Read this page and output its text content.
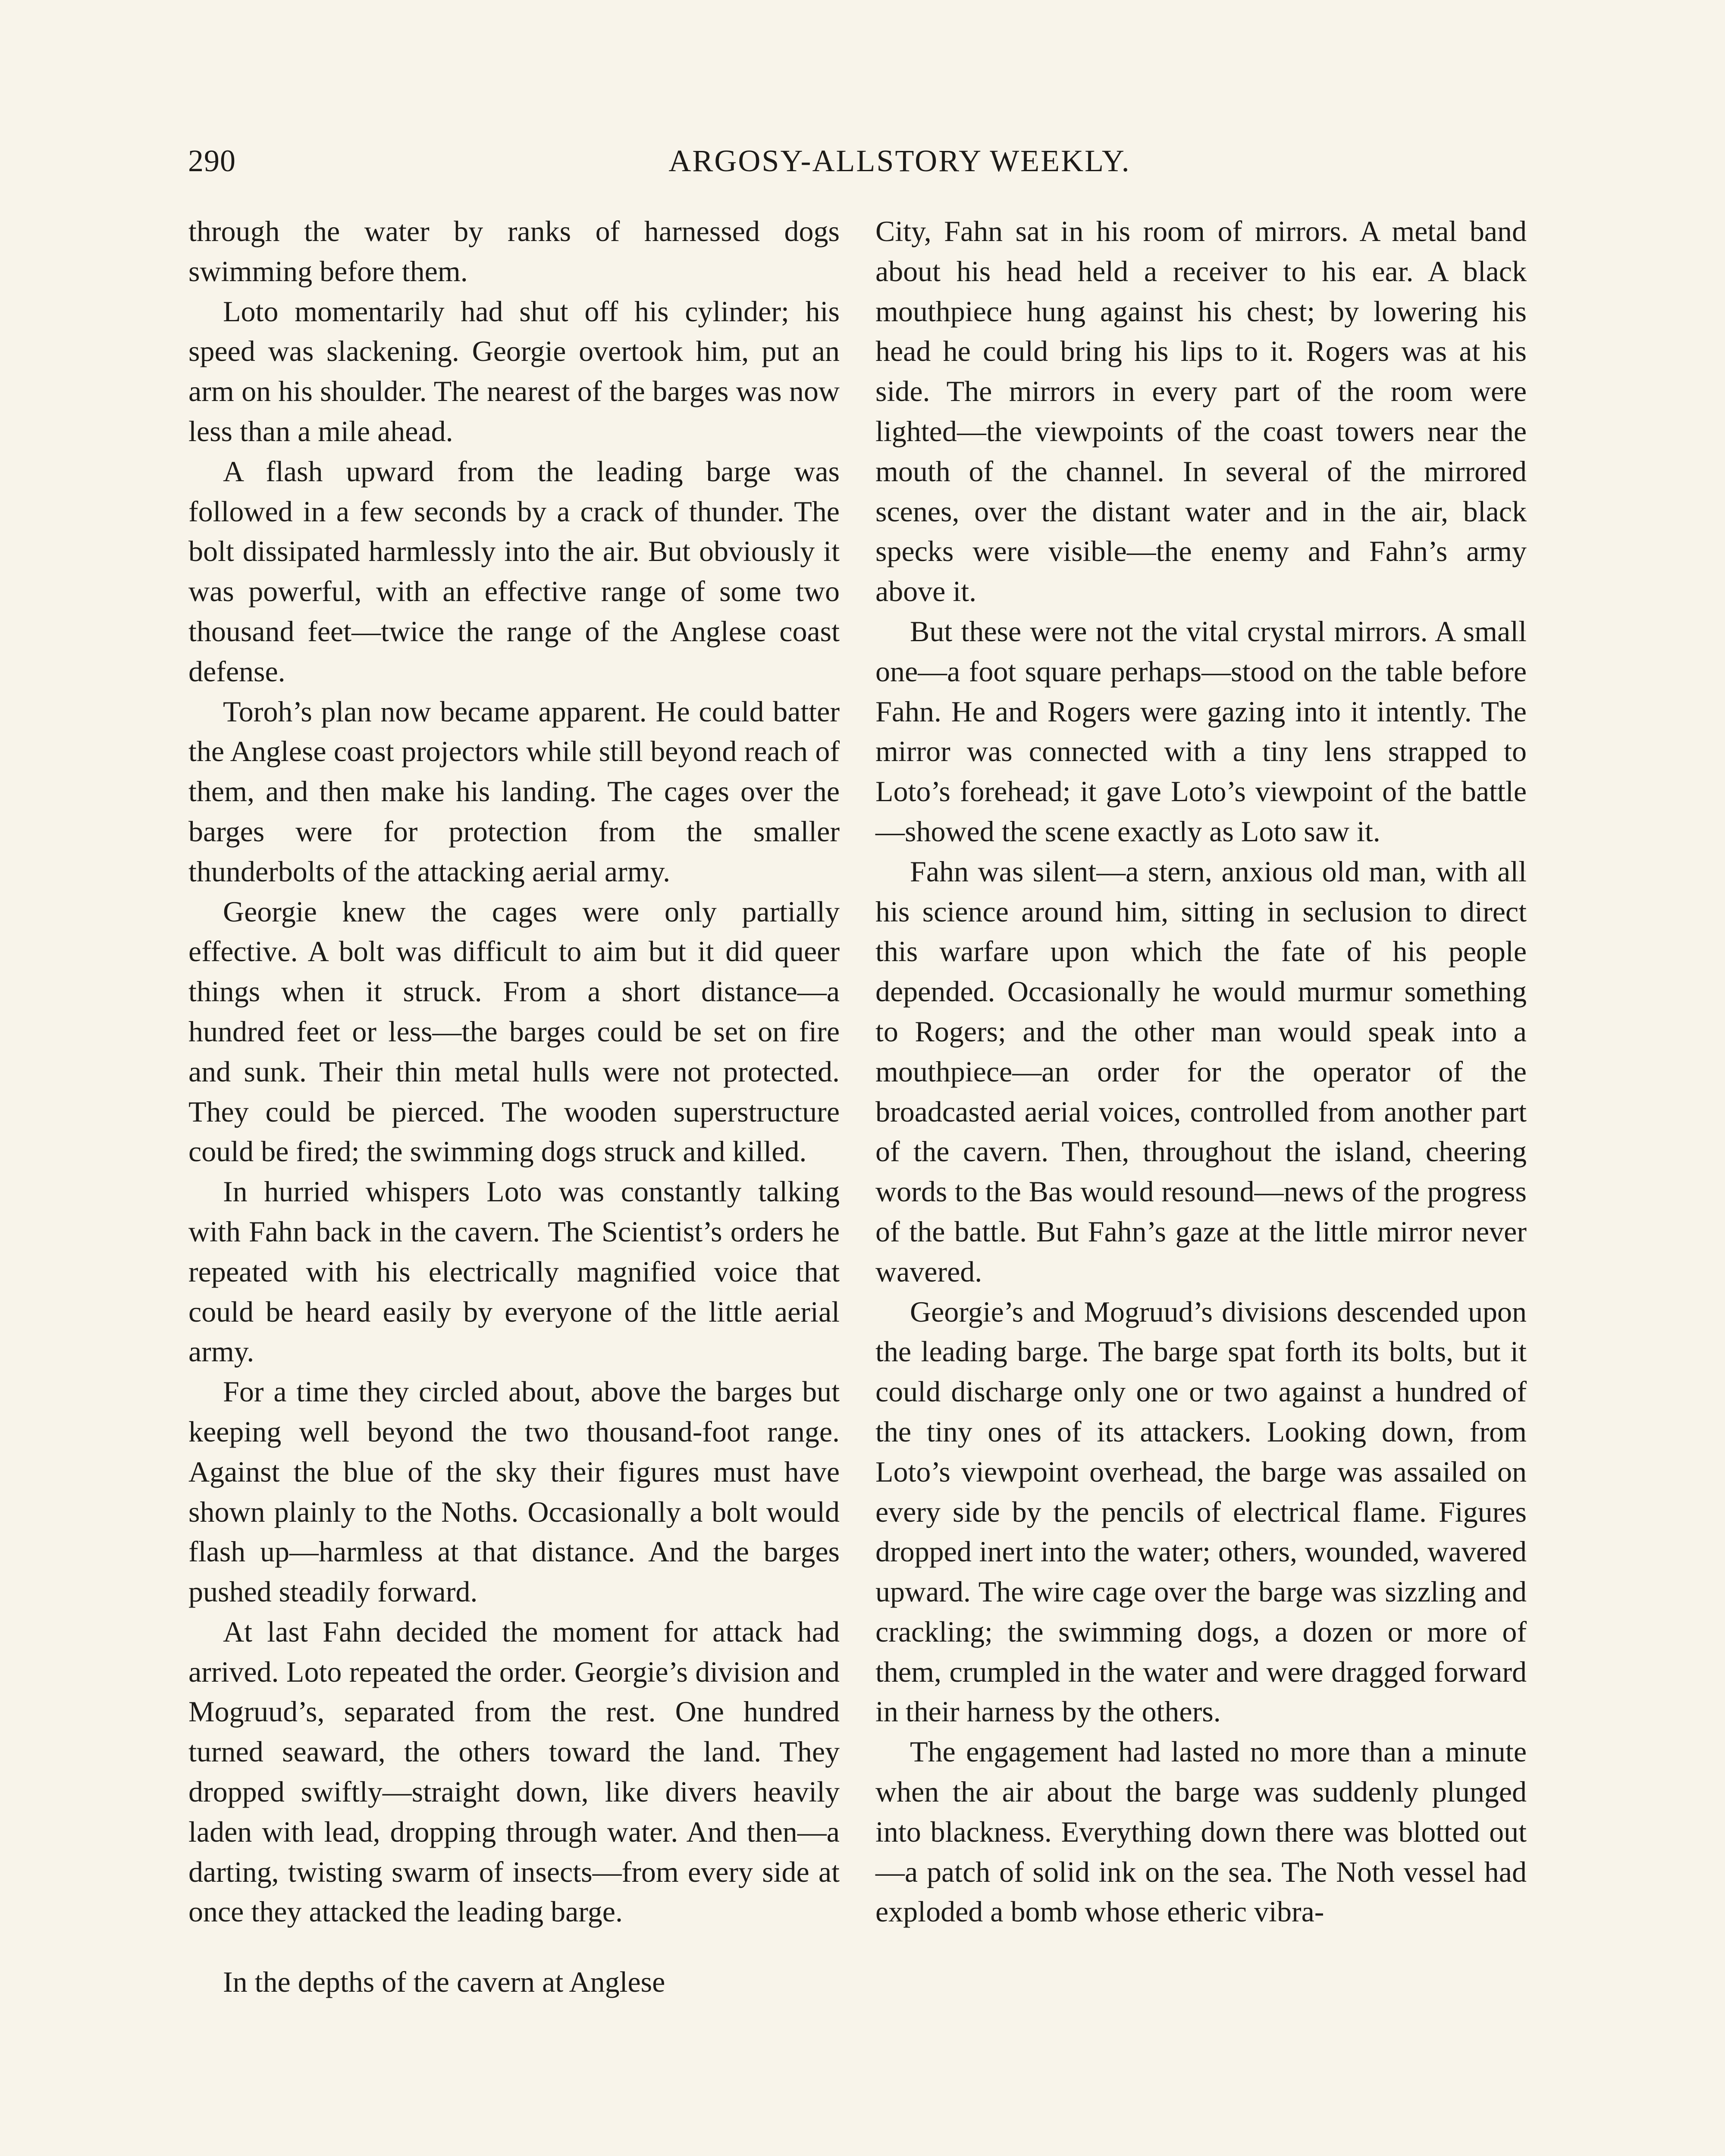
290	ARGOSY-ALLSTORY WEEKLY.

through the water by ranks of harnessed dogs swimming before them.

Loto momentarily had shut off his cylinder; his speed was slackening. Georgie overtook him, put an arm on his shoulder. The nearest of the barges was now less than a mile ahead.

A flash upward from the leading barge was followed in a few seconds by a crack of thunder. The bolt dissipated harmlessly into the air. But obviously it was powerful, with an effective range of some two thousand feet—twice the range of the Anglese coast defense.

Toroh’s plan now became apparent. He could batter the Anglese coast projectors while still beyond reach of them, and then make his landing. The cages over the barges were for protection from the smaller thunderbolts of the attacking aerial army.

Georgie knew the cages were only partially effective. A bolt was difficult to aim but it did queer things when it struck. From a short distance—a hundred feet or less—the barges could be set on fire and sunk. Their thin metal hulls were not protected. They could be pierced. The wooden superstructure could be fired; the swimming dogs struck and killed.

In hurried whispers Loto was constantly talking with Fahn back in the cavern. The Scientist’s orders he repeated with his electrically magnified voice that could be heard easily by everyone of the little aerial army.

For a time they circled about, above the barges but keeping well beyond the two thousand-foot range. Against the blue of the sky their figures must have shown plainly to the Noths. Occasionally a bolt would flash up—harmless at that distance. And the barges pushed steadily forward.

At last Fahn decided the moment for attack had arrived. Loto repeated the order. Georgie’s division and Mogruud’s, separated from the rest. One hundred turned seaward, the others toward the land. They dropped swiftly—straight down, like divers heavily laden with lead, dropping through water. And then—a darting, twisting swarm of insects—from every side at once they attacked the leading barge.

In the depths of the cavern at Anglese

City, Fahn sat in his room of mirrors. A metal band about his head held a receiver to his ear. A black mouthpiece hung against his chest; by lowering his head he could bring his lips to it. Rogers was at his side. The mirrors in every part of the room were lighted—the viewpoints of the coast towers near the mouth of the channel. In several of the mirrored scenes, over the distant water and in the air, black specks were visible—the enemy and Fahn’s army above it.

But these were not the vital crystal mirrors. A small one—a foot square perhaps—stood on the table before Fahn. He and Rogers were gazing into it intently. The mirror was connected with a tiny lens strapped to Loto’s forehead; it gave Loto’s viewpoint of the battle—showed the scene exactly as Loto saw it.

Fahn was silent—a stern, anxious old man, with all his science around him, sitting in seclusion to direct this warfare upon which the fate of his people depended. Occasionally he would murmur something to Rogers; and the other man would speak into a mouthpiece—an order for the operator of the broadcasted aerial voices, controlled from another part of the cavern. Then, throughout the island, cheering words to the Bas would resound—news of the progress of the battle. But Fahn’s gaze at the little mirror never wavered.

Georgie’s and Mogruud’s divisions descended upon the leading barge. The barge spat forth its bolts, but it could discharge only one or two against a hundred of the tiny ones of its attackers. Looking down, from Loto’s viewpoint overhead, the barge was assailed on every side by the pencils of electrical flame. Figures dropped inert into the water; others, wounded, wavered upward. The wire cage over the barge was sizzling and crackling; the swimming dogs, a dozen or more of them, crumpled in the water and were dragged forward in their harness by the others.

The engagement had lasted no more than a minute when the air about the barge was suddenly plunged into blackness. Everything down there was blotted out—a patch of solid ink on the sea. The Noth vessel had exploded a bomb whose etheric vibra-
